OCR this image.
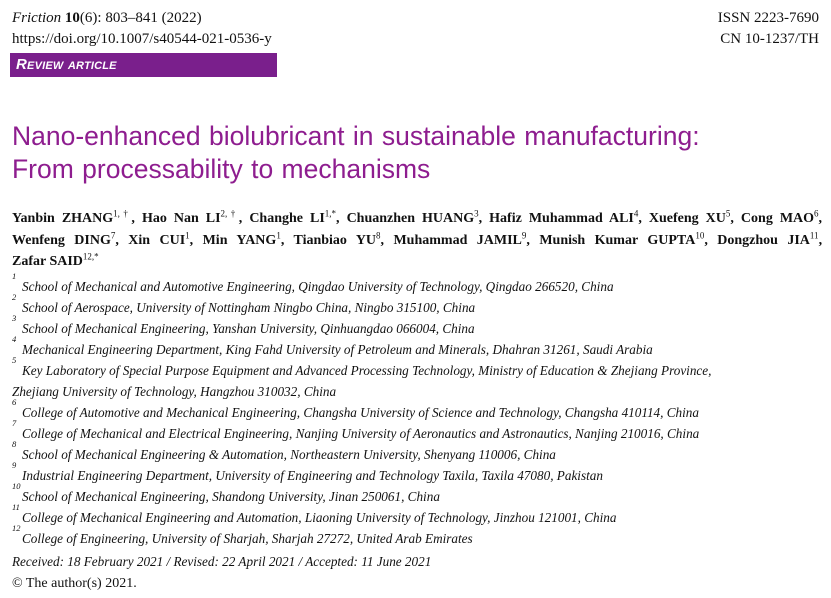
Friction 10(6): 803–841 (2022)
https://doi.org/10.1007/s40544-021-0536-y
ISSN 2223-7690
CN 10-1237/TH
Review article
Nano-enhanced biolubricant in sustainable manufacturing:
From processability to mechanisms
Yanbin $ZHANG^{1,\dagger}$, Hao Nan $LI^{2,\dagger}$, Changhe $LI^{1,*}$, Chuanzhen HUANG$^3$, Hafiz Muhammad ALI$^4$, Xuefeng $XU^5$, Cong MAO$^6$, Wenfeng DING$^7$, Xin CUI$^1$, Min YANG$^1$, Tianbiao $YU^8$, Muhammad JAMIL$^9$, Munish Kumar GUPTA$^{10}$, Dongzhou JIA$^{11}$, Zafar $SAID^{12,*}$
1
School of Mechanical and Automotive Engineering, Qingdao University of Technology, Qingdao 266520, China
2
School of Aerospace, University of Nottingham Ningbo China, Ningbo 315100, China
3
School of Mechanical Engineering, Yanshan University, Qinhuangdao 066004, China
4
Mechanical Engineering Department, King Fahd University of Petroleum and Minerals, Dhahran 31261, Saudi Arabia
5
Key Laboratory of Special Purpose Equipment and Advanced Processing Technology, Ministry of Education & Zhejiang Province,
Zhejiang University of Technology, Hangzhou 310032, China
6
College of Automotive and Mechanical Engineering, Changsha University of Science and Technology, Changsha 410114, China
7
College of Mechanical and Electrical Engineering, Nanjing University of Aeronautics and Astronautics, Nanjing 210016, China
8
School of Mechanical Engineering & Automation, Northeastern University, Shenyang 110006, China
9
Industrial Engineering Department, University of Engineering and Technology Taxila, Taxila 47080, Pakistan
10
School of Mechanical Engineering, Shandong University, Jinan 250061, China
11
College of Mechanical Engineering and Automation, Liaoning University of Technology, Jinzhou 121001, China
12
College of Engineering, University of Sharjah, Sharjah 27272, United Arab Emirates
Received: 18 February 2021 / Revised: 22 April 2021 / Accepted: 11 June 2021
© The author(s) 2021.
